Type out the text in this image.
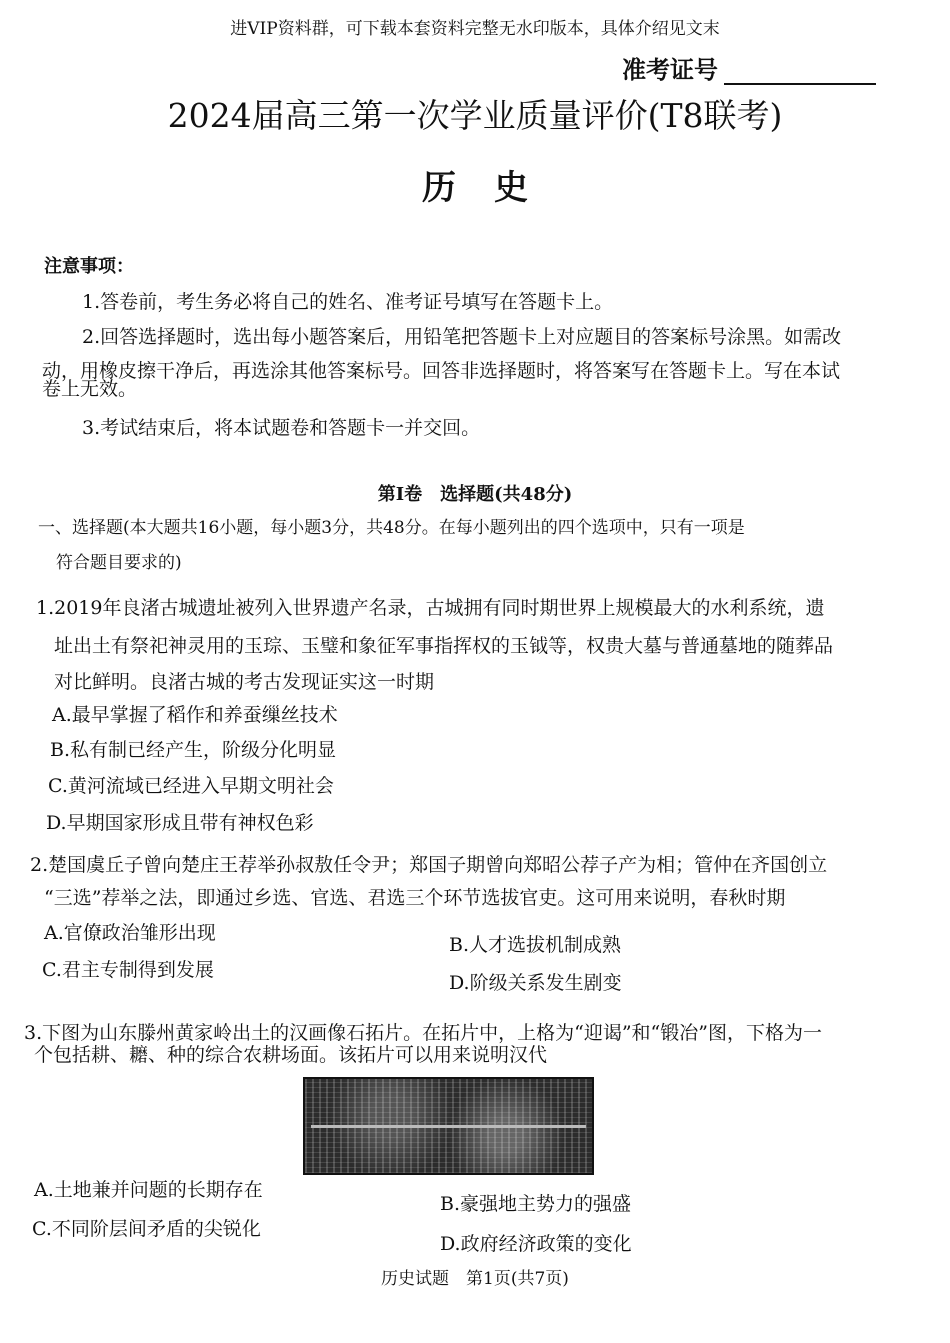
进VIP资料群，可下载本套资料完整无水印版本，具体介绍见文末
准考证号
2024届高三第一次学业质量评价(T8联考)
历史
注意事项：
1.答卷前，考生务必将自己的姓名、准考证号填写在答题卡上。
2.回答选择题时，选出每小题答案后，用铅笔把答题卡上对应题目的答案标号涂黑。如需改
动，用橡皮擦干净后，再选涂其他答案标号。回答非选择题时，将答案写在答题卡上。写在本试
卷上无效。
3.考试结束后，将本试题卷和答题卡一并交回。
第Ⅰ卷　选择题(共48分)
一、选择题(本大题共16小题，每小题3分，共48分。在每小题列出的四个选项中，只有一项是
符合题目要求的)
1.2019年良渚古城遗址被列入世界遗产名录，古城拥有同时期世界上规模最大的水利系统，遗
址出土有祭祀神灵用的玉琮、玉璧和象征军事指挥权的玉钺等，权贵大墓与普通墓地的随葬品
对比鲜明。良渚古城的考古发现证实这一时期
A.最早掌握了稻作和养蚕缫丝技术
B.私有制已经产生，阶级分化明显
C.黄河流域已经进入早期文明社会
D.早期国家形成且带有神权色彩
2.楚国虞丘子曾向楚庄王荐举孙叔敖任令尹；郑国子期曾向郑昭公荐子产为相；管仲在齐国创立
“三选”荐举之法，即通过乡选、官选、君选三个环节选拔官吏。这可用来说明，春秋时期
A.官僚政治雏形出现
B.人才选拔机制成熟
C.君主专制得到发展
D.阶级关系发生剧变
3.下图为山东滕州黄家岭出土的汉画像石拓片。在拓片中，上格为“迎谒”和“锻冶”图，下格为一
个包括耕、耱、种的综合农耕场面。该拓片可以用来说明汉代
A.土地兼并问题的长期存在
B.豪强地主势力的强盛
C.不同阶层间矛盾的尖锐化
D.政府经济政策的变化
历史试题　第1页(共7页)
